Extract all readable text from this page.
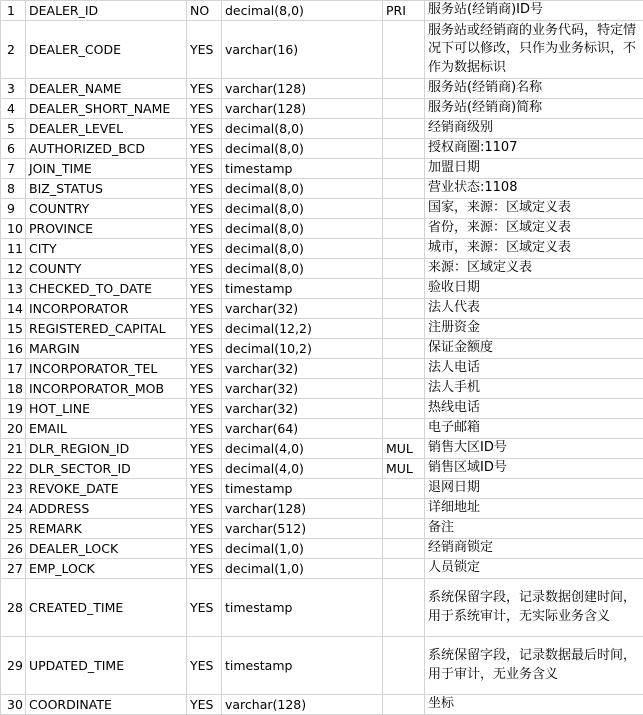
1	DEALER_ID	NO	decimal(8,0)	PRI	服务站(经销商)ID号
2	DEALER_CODE	YES	varchar(16)		服务站或经销商的业务代码，特定情况下可以修改，只作为业务标识，不作为数据标识
3	DEALER_NAME	YES	varchar(128)		服务站(经销商)名称
4	DEALER_SHORT_NAME	YES	varchar(128)		服务站(经销商)简称
5	DEALER_LEVEL	YES	decimal(8,0)		经销商级别
6	AUTHORIZED_BCD	YES	decimal(8,0)		授权商圈:1107
7	JOIN_TIME	YES	timestamp		加盟日期
8	BIZ_STATUS	YES	decimal(8,0)		营业状态:1108
9	COUNTRY	YES	decimal(8,0)		国家，来源：区域定义表
10	PROVINCE	YES	decimal(8,0)		省份，来源：区域定义表
11	CITY	YES	decimal(8,0)		城市，来源：区域定义表
12	COUNTY	YES	decimal(8,0)		来源：区域定义表
13	CHECKED_TO_DATE	YES	timestamp		验收日期
14	INCORPORATOR	YES	varchar(32)		法人代表
15	REGISTERED_CAPITAL	YES	decimal(12,2)		注册资金
16	MARGIN	YES	decimal(10,2)		保证金额度
17	INCORPORATOR_TEL	YES	varchar(32)		法人电话
18	INCORPORATOR_MOB	YES	varchar(32)		法人手机
19	HOT_LINE	YES	varchar(32)		热线电话
20	EMAIL	YES	varchar(64)		电子邮箱
21	DLR_REGION_ID	YES	decimal(4,0)	MUL	销售大区ID号
22	DLR_SECTOR_ID	YES	decimal(4,0)	MUL	销售区域ID号
23	REVOKE_DATE	YES	timestamp		退网日期
24	ADDRESS	YES	varchar(128)		详细地址
25	REMARK	YES	varchar(512)		备注
26	DEALER_LOCK	YES	decimal(1,0)		经销商锁定
27	EMP_LOCK	YES	decimal(1,0)		人员锁定
28	CREATED_TIME	YES	timestamp		系统保留字段，记录数据创建时间，用于系统审计，无实际业务含义
29	UPDATED_TIME	YES	timestamp		系统保留字段，记录数据最后时间，用于审计，无业务含义
30	COORDINATE	YES	varchar(128)		坐标
